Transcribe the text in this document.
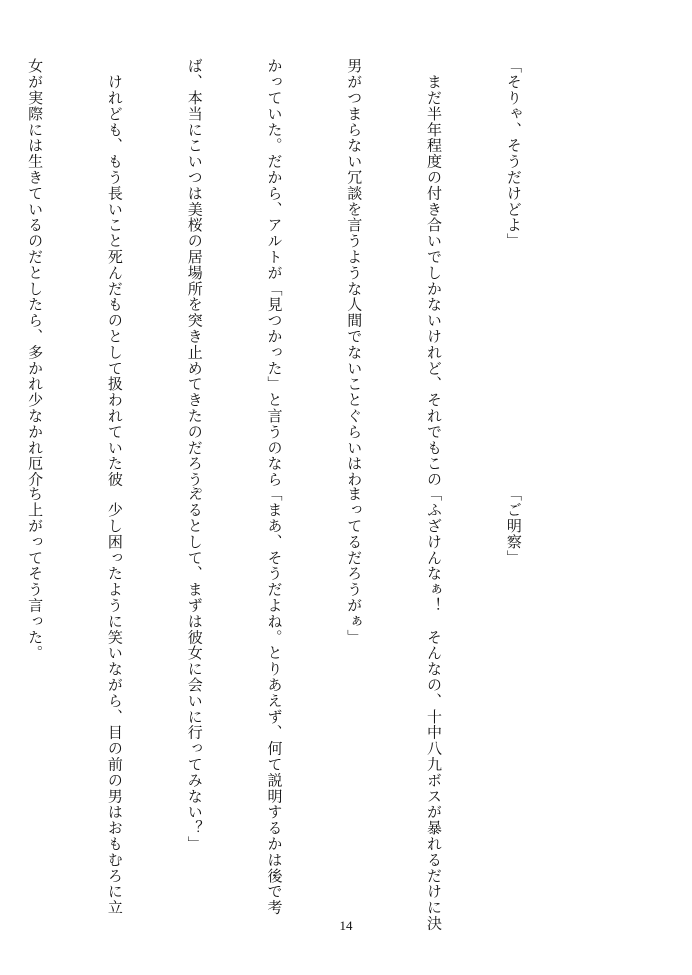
「そりゃ、そうだけどよ」

　まだ半年程度の付き合いでしかないけれど、それでもこの

男がつまらない冗談を言うような人間でないことぐらいはわ

かっていた。だから、アルトが「見つかった」と言うのなら

ば、本当にこいつは美桜の居場所を突き止めてきたのだろう。

　けれども、もう長いこと死んだものとして扱われていた彼

女が実際には生きているのだとしたら、多かれ少なかれ厄介

「ご明察」

「ふざけんなぁ！　そんなの、十中八九ボスが暴れるだけに決

まってるだろうがぁ」

「まあ、そうだよね。とりあえず、何て説明するかは後で考

えるとして、まずは彼女に会いに行ってみない？」

　少し困ったように笑いながら、目の前の男はおもむろに立

ち上がってそう言った。

14
